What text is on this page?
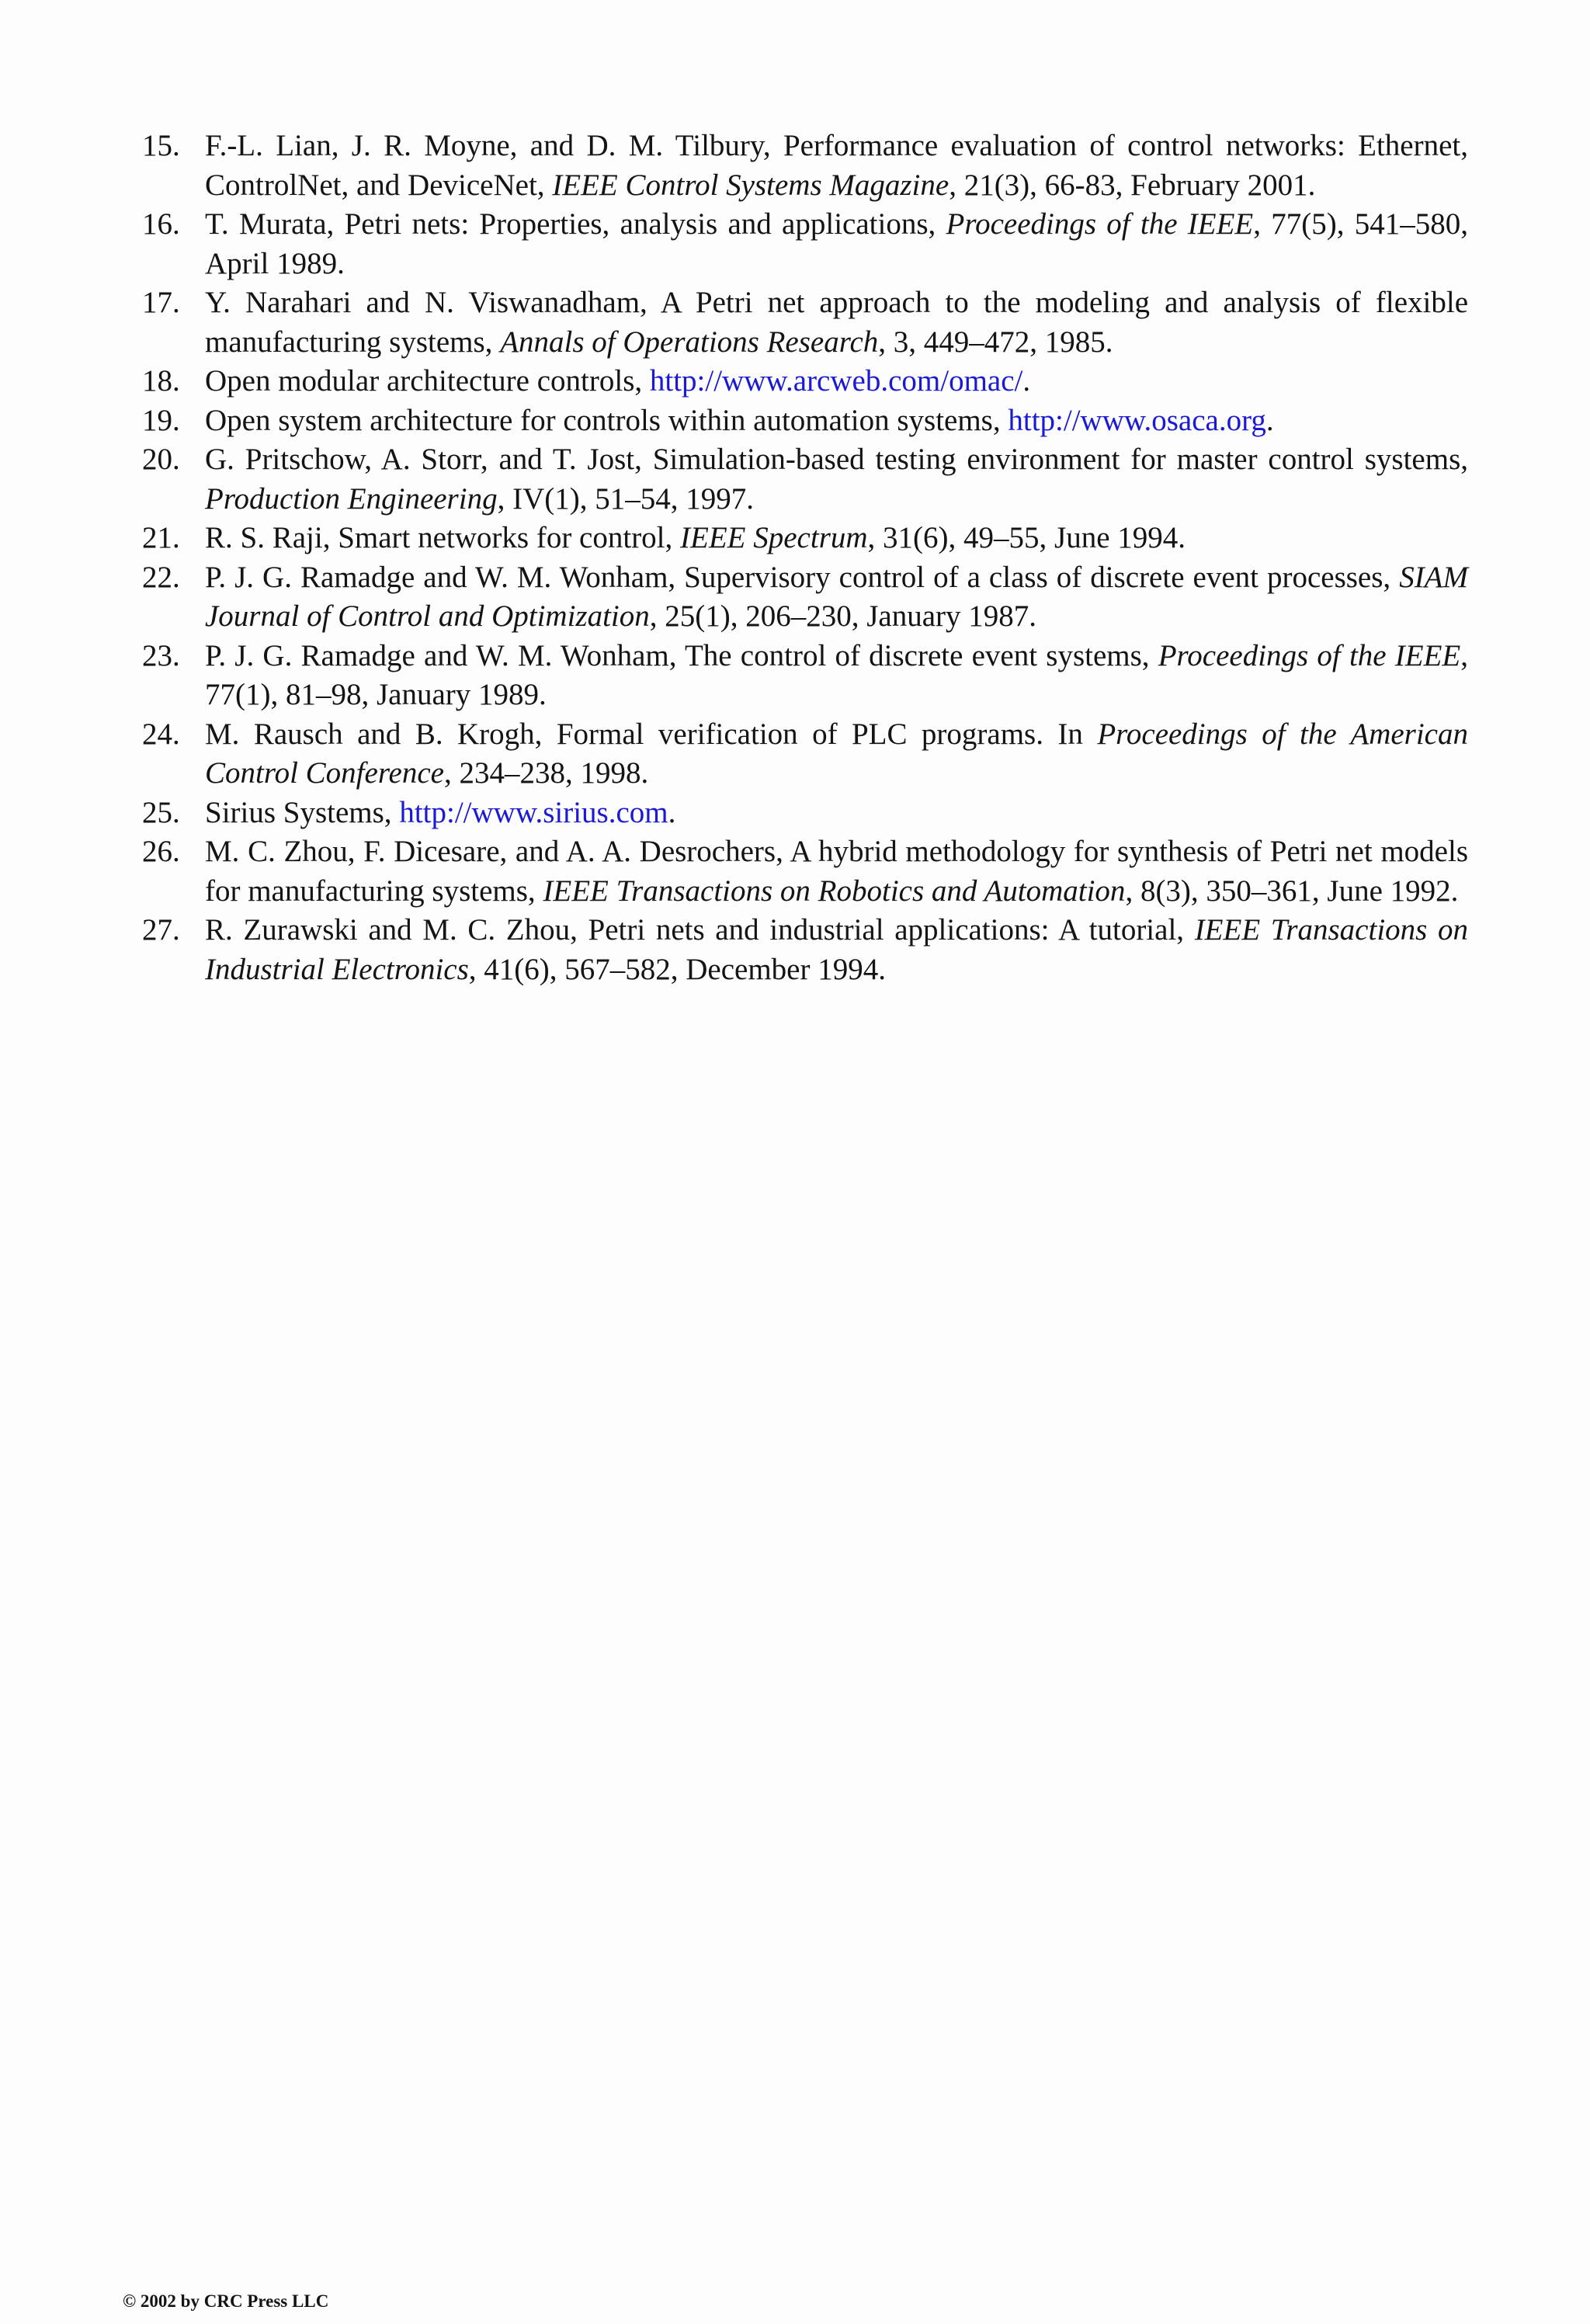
15. F.-L. Lian, J. R. Moyne, and D. M. Tilbury, Performance evaluation of control networks: Ethernet, ControlNet, and DeviceNet, IEEE Control Systems Magazine, 21(3), 66-83, February 2001.
16. T. Murata, Petri nets: Properties, analysis and applications, Proceedings of the IEEE, 77(5), 541–580, April 1989.
17. Y. Narahari and N. Viswanadham, A Petri net approach to the modeling and analysis of flexible manufacturing systems, Annals of Operations Research, 3, 449–472, 1985.
18. Open modular architecture controls, http://www.arcweb.com/omac/.
19. Open system architecture for controls within automation systems, http://www.osaca.org.
20. G. Pritschow, A. Storr, and T. Jost, Simulation-based testing environment for master control systems, Production Engineering, IV(1), 51–54, 1997.
21. R. S. Raji, Smart networks for control, IEEE Spectrum, 31(6), 49–55, June 1994.
22. P. J. G. Ramadge and W. M. Wonham, Supervisory control of a class of discrete event processes, SIAM Journal of Control and Optimization, 25(1), 206–230, January 1987.
23. P. J. G. Ramadge and W. M. Wonham, The control of discrete event systems, Proceedings of the IEEE, 77(1), 81–98, January 1989.
24. M. Rausch and B. Krogh, Formal verification of PLC programs. In Proceedings of the American Control Conference, 234–238, 1998.
25. Sirius Systems, http://www.sirius.com.
26. M. C. Zhou, F. Dicesare, and A. A. Desrochers, A hybrid methodology for synthesis of Petri net models for manufacturing systems, IEEE Transactions on Robotics and Automation, 8(3), 350–361, June 1992.
27. R. Zurawski and M. C. Zhou, Petri nets and industrial applications: A tutorial, IEEE Transactions on Industrial Electronics, 41(6), 567–582, December 1994.
© 2002 by CRC Press LLC
